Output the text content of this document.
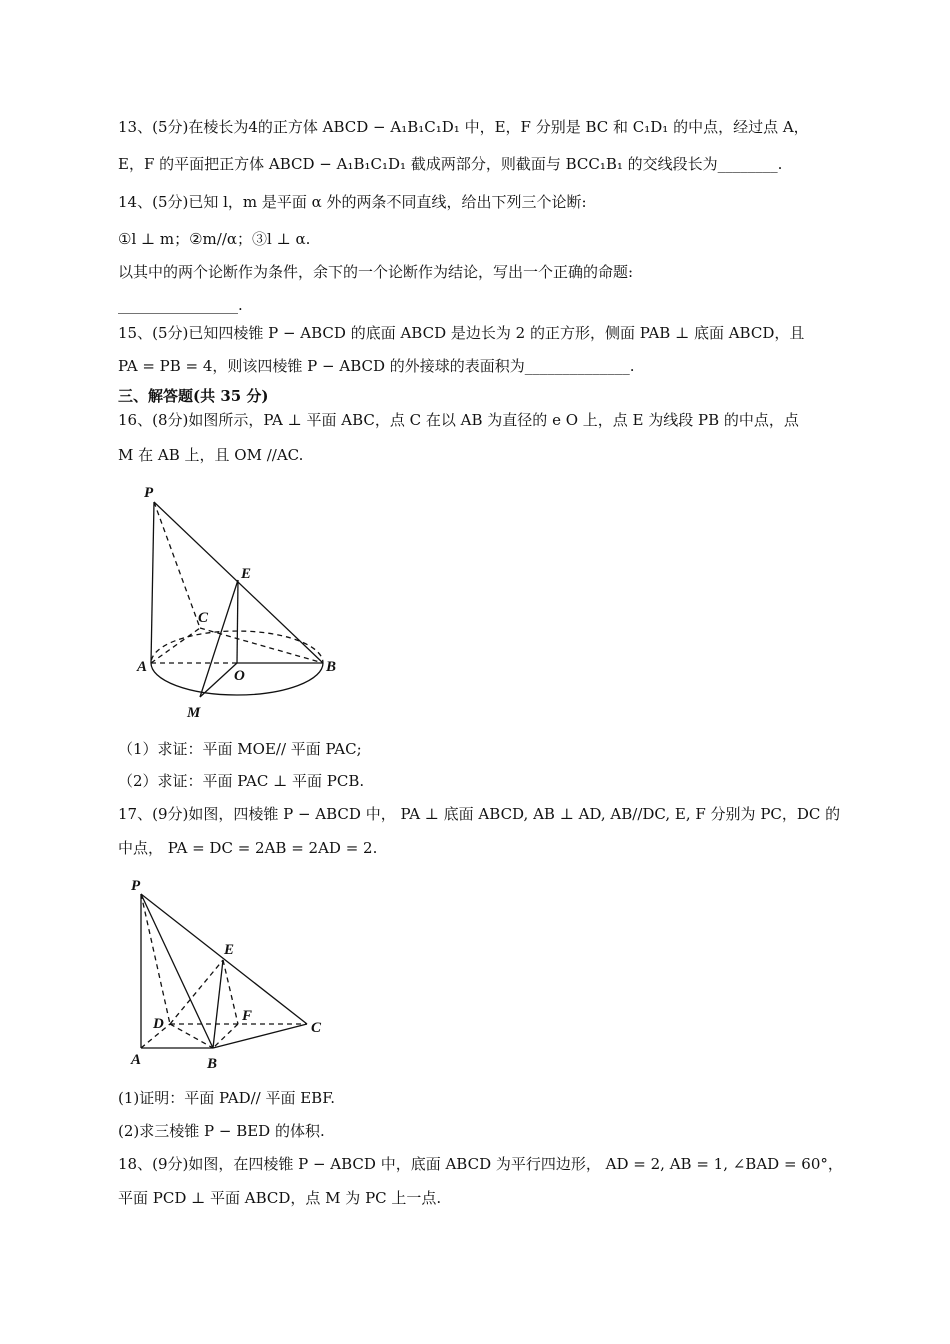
13、(5分)在棱长为4的正方体 ABCD − A₁B₁C₁D₁ 中，E，F 分别是 BC 和 C₁D₁ 的中点，经过点 A，
E，F 的平面把正方体 ABCD − A₁B₁C₁D₁ 截成两部分，则截面与 BCC₁B₁ 的交线段长为________.
14、(5分)已知 l，m 是平面 α 外的两条不同直线，给出下列三个论断:
①l ⊥ m；②m//α；③l ⊥ α.
以其中的两个论断作为条件，余下的一个论断作为结论，写出一个正确的命题:
________________.
15、(5分)已知四棱锥 P − ABCD 的底面 ABCD 是边长为 2 的正方形，侧面 PAB ⊥ 底面 ABCD，且
PA = PB = 4，则该四棱锥 P − ABCD 的外接球的表面积为______________.
三、解答题(共 35 分)
16、(8分)如图所示，PA ⊥ 平面 ABC，点 C 在以 AB 为直径的 e O 上，点 E 为线段 PB 的中点，点
M 在 AB 上，且 OM //AC.
P
E
C
A
O
B
M
（1）求证：平面 MOE// 平面 PAC;
（2）求证：平面 PAC ⊥ 平面 PCB.
17、(9分)如图，四棱锥 P − ABCD 中， PA ⊥ 底面 ABCD, AB ⊥ AD, AB//DC, E, F 分别为 PC，DC 的
中点， PA = DC = 2AB = 2AD = 2.
P
E
D	F
C
A	B
(1)证明：平面 PAD// 平面 EBF.
(2)求三棱锥 P − BED 的体积.
18、(9分)如图，在四棱锥 P − ABCD 中，底面 ABCD 为平行四边形， AD = 2, AB = 1, ∠BAD = 60°，
平面 PCD ⊥ 平面 ABCD，点 M 为 PC 上一点.
